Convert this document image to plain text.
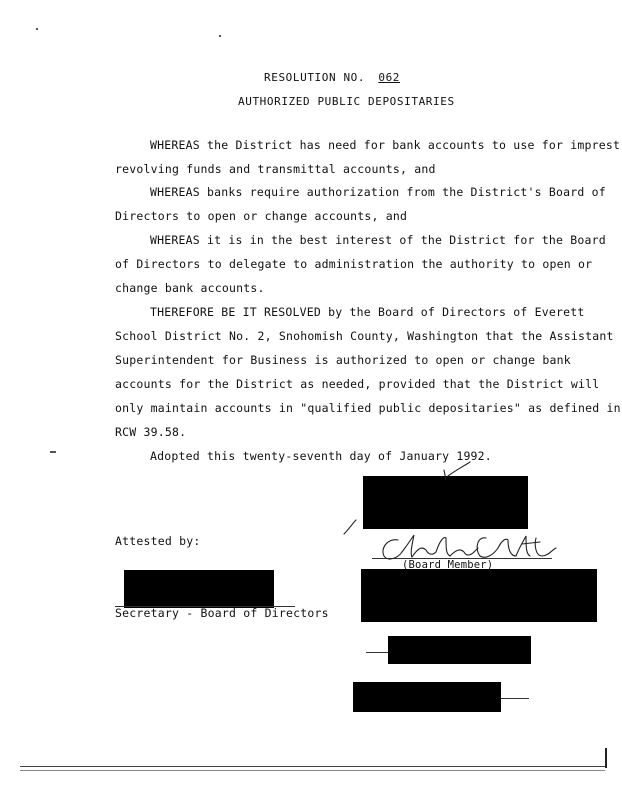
RESOLUTION NO. 062
AUTHORIZED PUBLIC DEPOSITARIES
WHEREAS the District has need for bank accounts to use for imprest
revolving funds and transmittal accounts, and
WHEREAS banks require authorization from the District's Board of
Directors to open or change accounts, and
WHEREAS it is in the best interest of the District for the Board
of Directors to delegate to administration the authority to open or
change bank accounts.
THEREFORE BE IT RESOLVED by the Board of Directors of Everett
School District No. 2, Snohomish County, Washington that the Assistant
Superintendent for Business is authorized to open or change bank
accounts for the District as needed, provided that the District will
only maintain accounts in "qualified public depositaries" as defined in
RCW 39.58.
Adopted this twenty-seventh day of January 1992.
Attested by:
Secretary - Board of Directors
(Board Member)
